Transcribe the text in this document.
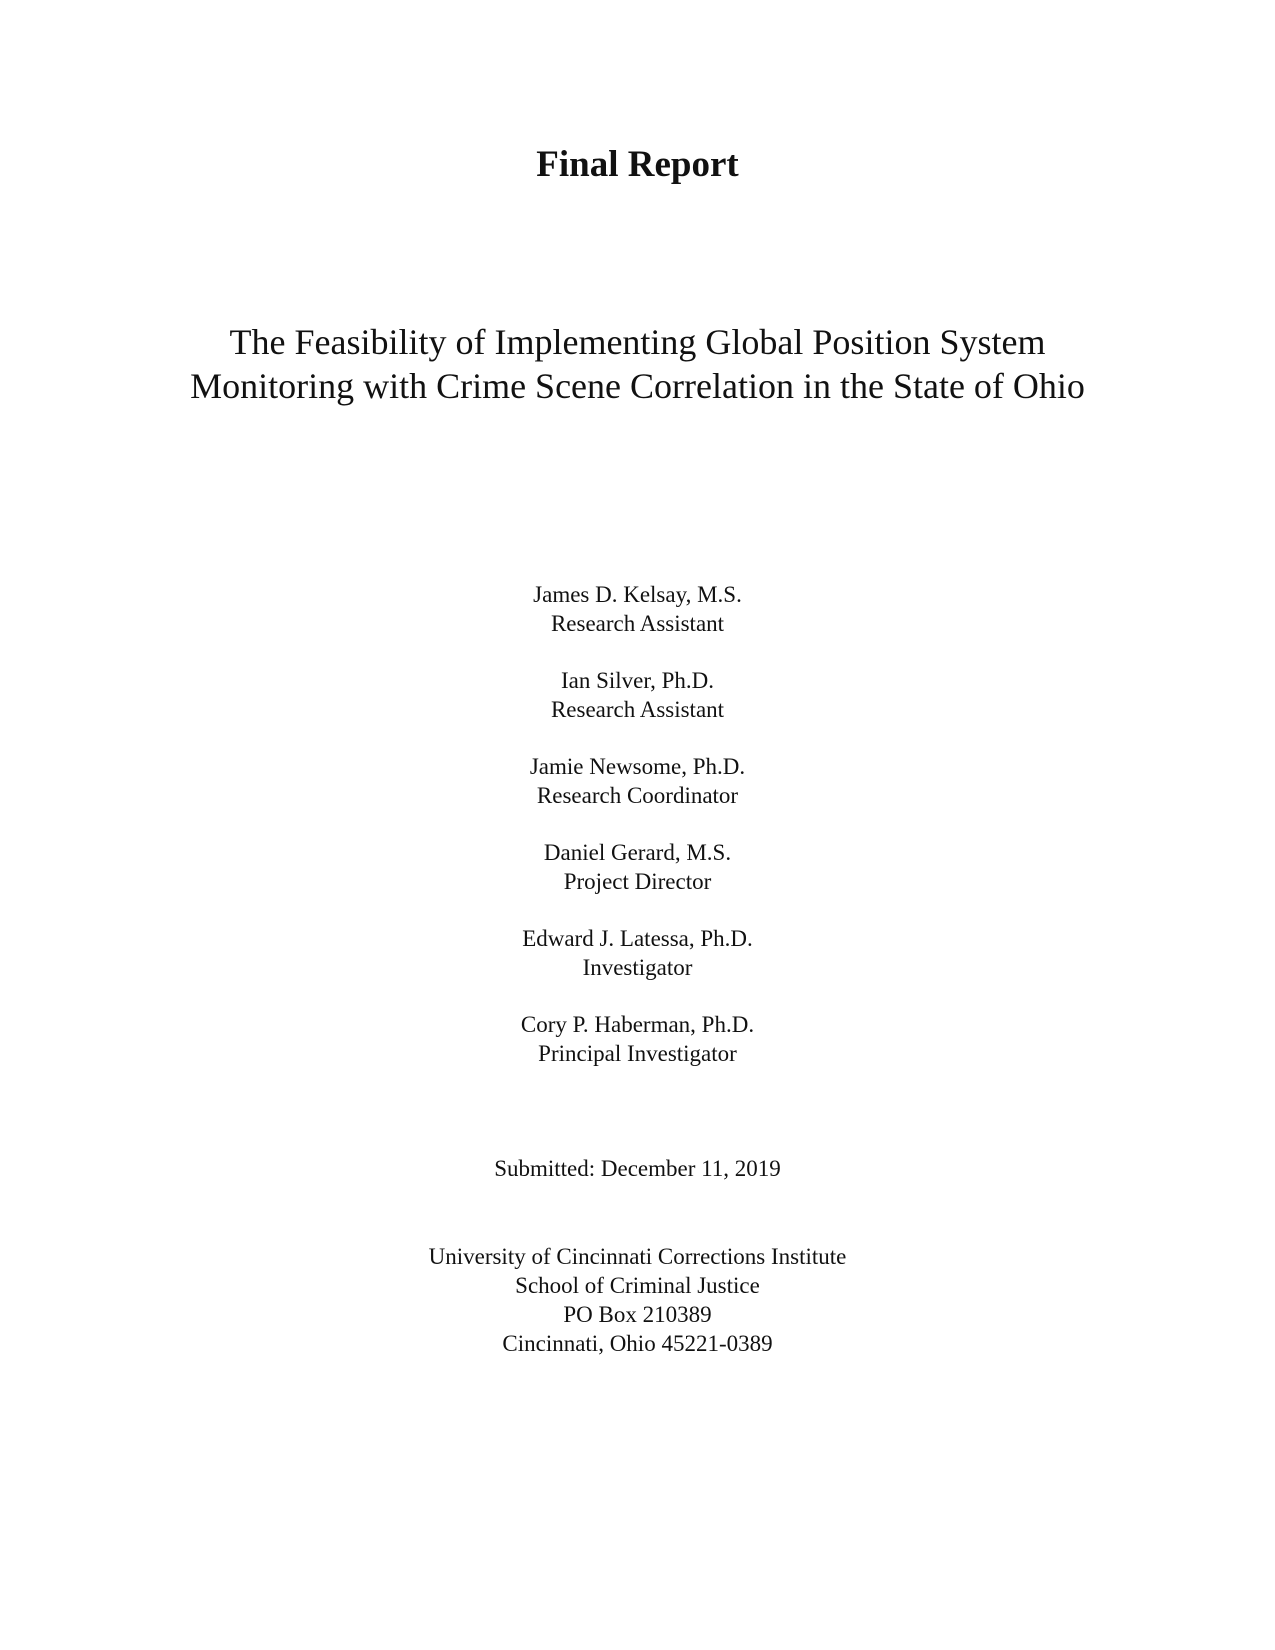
Final Report
The Feasibility of Implementing Global Position System
Monitoring with Crime Scene Correlation in the State of Ohio
James D. Kelsay, M.S.
Research Assistant
Ian Silver, Ph.D.
Research Assistant
Jamie Newsome, Ph.D.
Research Coordinator
Daniel Gerard, M.S.
Project Director
Edward J. Latessa, Ph.D.
Investigator
Cory P. Haberman, Ph.D.
Principal Investigator
Submitted: December 11, 2019
University of Cincinnati Corrections Institute
School of Criminal Justice
PO Box 210389
Cincinnati, Ohio 45221-0389
